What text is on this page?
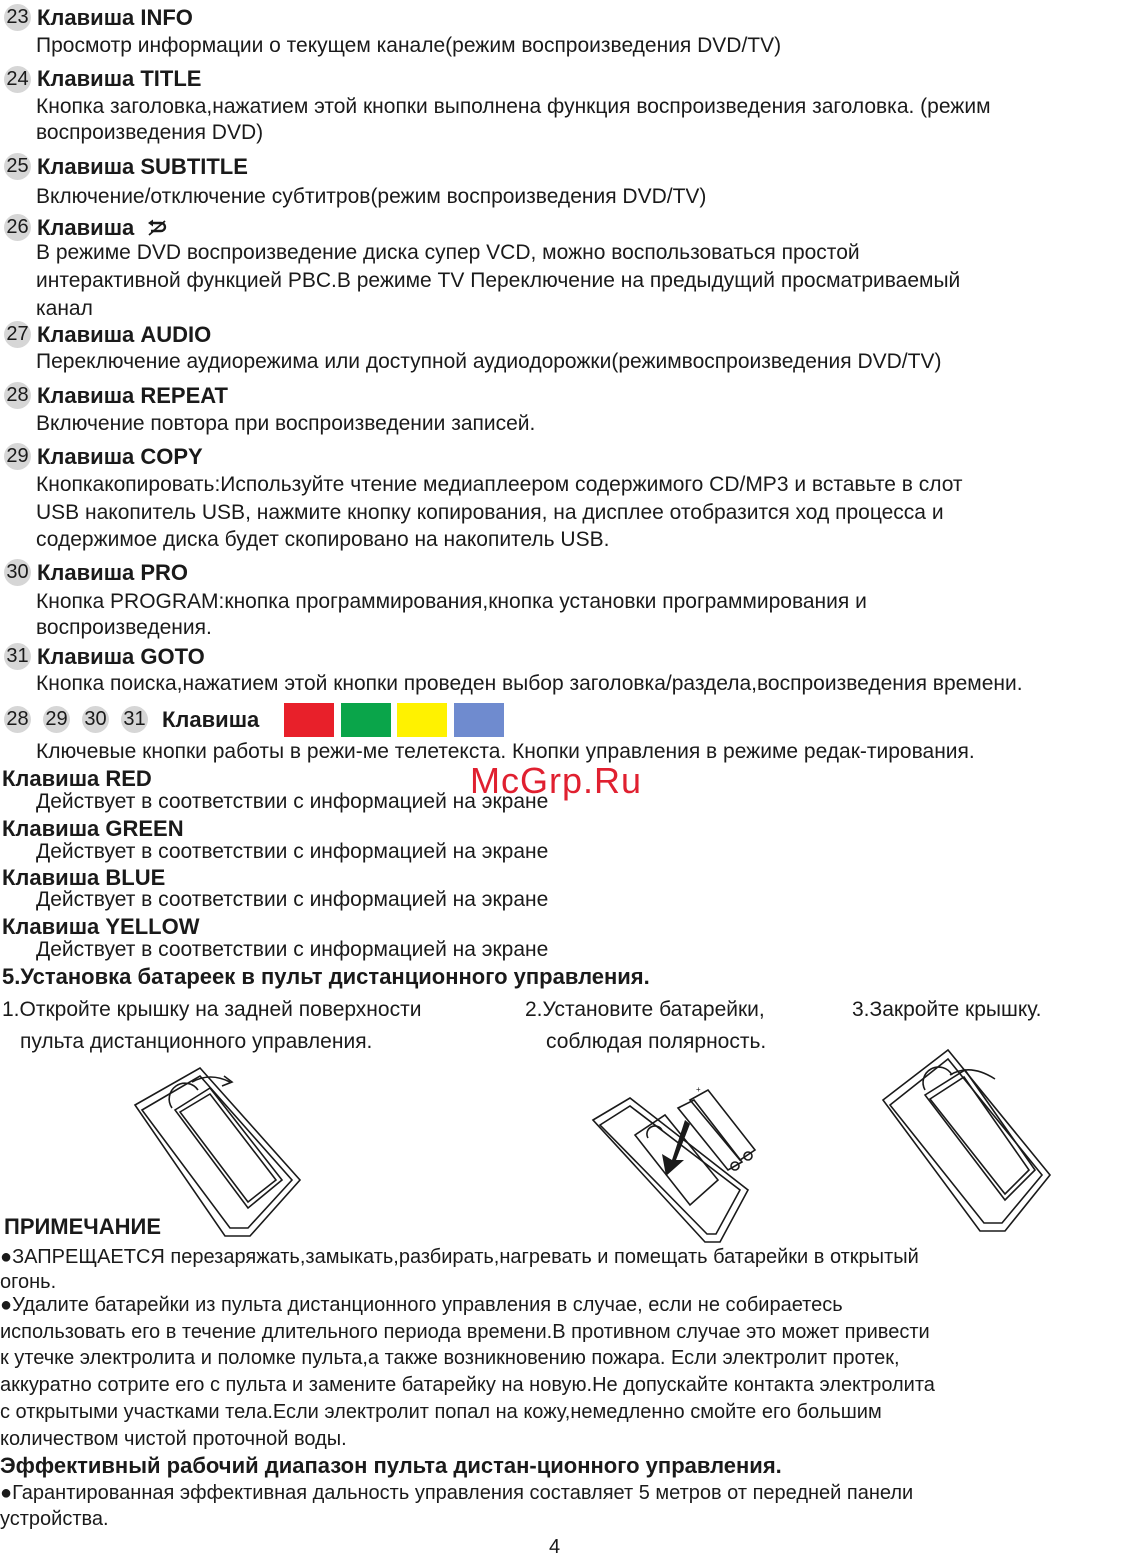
23 Клавиша INFO
Просмотр информации о текущем канале(режим воспроизведения DVD/TV)
24 Клавиша TITLE
Кнопка заголовка,нажатием этой кнопки выполнена функция воспроизведения заголовка. (режим
воспроизведения DVD)
25 Клавиша SUBTITLE
Включение/отключение субтитров(режим воспроизведения DVD/TV)
26 Клавиша
В режиме DVD воспроизведение диска супер VCD, можно воспользоваться простой
интерактивной функцией PBC.В режиме TV Переключение на предыдущий просматриваемый
канал
27 Клавиша AUDIO
Переключение аудиорежима или доступной аудиодорожки(режимвоспроизведения DVD/TV)
28 Клавиша REPEAT
Включение повтора при воспроизведении записей.
29 Клавиша COPY
Кнопкакопировать:Используйте чтение медиаплеером содержимого CD/MP3 и вставьте в слот
USB накопитель USB, нажмите кнопку копирования, на дисплее отобразится ход процесса и
содержимое диска будет скопировано на накопитель USB.
30 Клавиша PRO
Кнопка PROGRAM:кнопка программирования,кнопка установки программирования и
воспроизведения.
31 Клавиша GOTO
Кнопка поиска,нажатием этой кнопки проведен выбор заголовка/раздела,воспроизведения времени.
28 29 30 31 Клавиша
Ключевые кнопки работы в режи-ме телетекста. Кнопки управления в режиме редак-тирования.
Клавиша RED
Действует в соответствии с информацией на экране
Клавиша GREEN
Действует в соответствии с информацией на экране
Клавиша BLUE
Действует в соответствии с информацией на экране
Клавиша YELLOW
Действует в соответствии с информацией на экране
McGrp.Ru
5.Установка батареек в пульт дистанционного управления.
1.Откройте крышку на задней поверхности
пульта дистанционного управления.
2.Установите батарейки,
соблюдая полярность.
3.Закройте крышку.
+
-
ПРИМЕЧАНИЕ
●ЗАПРЕЩАЕТСЯ перезаряжать,замыкать,разбирать,нагревать и помещать батарейки в открытый
огонь.
●Удалите батарейки из пульта дистанционного управления в случае, если не собираетесь
использовать его в течение длительного периода времени.В противном случае это может привести
к утечке электролита и поломке пульта,а также возникновению пожара. Если электролит протек,
аккуратно сотрите его с пульта и замените батарейку на новую.Не допускайте контакта электролита
с открытыми участками тела.Если электролит попал на кожу,немедленно смойте его большим
количеством чистой проточной воды.
Эффективный рабочий диапазон пульта дистан-ционного управления.
●Гарантированная эффективная дальность управления составляет 5 метров от передней панели
устройства.
4
